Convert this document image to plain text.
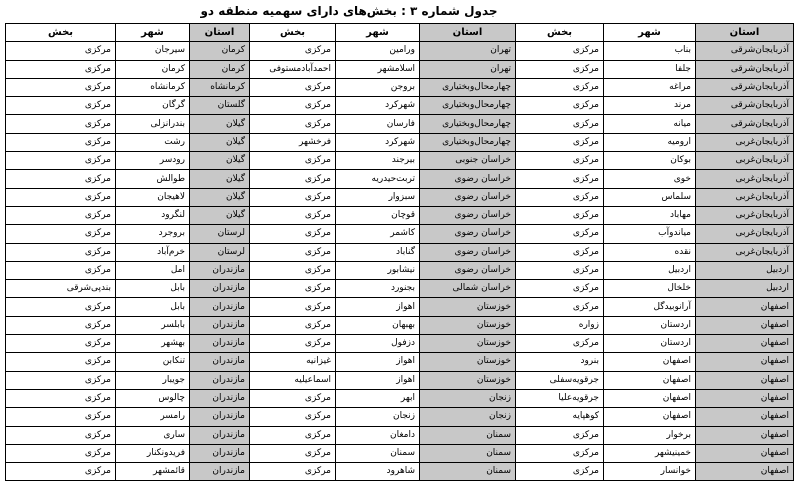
جدول شماره ۳ : بخش‌های دارای سهمیه منطقه دو
استان	شهر	بخش	استان	شهر	بخش	استان	شهر	بخش
آذربایجان‌شرقی	بناب	مرکزی	تهران	ورامین	مرکزی	کرمان	سیرجان	مرکزی
آذربایجان‌شرقی	جلفا	مرکزی	تهران	اسلامشهر	احمدآباد‌مستوفی	کرمان	کرمان	مرکزی
آذربایجان‌شرقی	مراغه	مرکزی	چهارمحال‌وبختیاری	بروجن	مرکزی	کرمانشاه	کرمانشاه	مرکزی
آذربایجان‌شرقی	مرند	مرکزی	چهارمحال‌وبختیاری	شهرکرد	مرکزی	گلستان	گرگان	مرکزی
آذربایجان‌شرقی	میانه	مرکزی	چهارمحال‌وبختیاری	فارسان	مرکزی	گیلان	بندرانزلی	مرکزی
آذربایجان‌غربی	ارومیه	مرکزی	چهارمحال‌وبختیاری	شهرکرد	فرخشهر	گیلان	رشت	مرکزی
آذربایجان‌غربی	بوکان	مرکزی	خراسان جنوبی	بیرجند	مرکزی	گیلان	رودسر	مرکزی
آذربایجان‌غربی	خوی	مرکزی	خراسان رضوی	تربت‌حیدریه	مرکزی	گیلان	طوالش	مرکزی
آذربایجان‌غربی	سلماس	مرکزی	خراسان رضوی	سبزوار	مرکزی	گیلان	لاهیجان	مرکزی
آذربایجان‌غربی	مهاباد	مرکزی	خراسان رضوی	قوچان	مرکزی	گیلان	لنگرود	مرکزی
آذربایجان‌غربی	میاندوآب	مرکزی	خراسان رضوی	کاشمر	مرکزی	لرستان	بروجرد	مرکزی
آذربایجان‌غربی	نقده	مرکزی	خراسان رضوی	گناباد	مرکزی	لرستان	خرم‌آباد	مرکزی
اردبیل	اردبیل	مرکزی	خراسان رضوی	نیشابور	مرکزی	مازندران	امل	مرکزی
اردبیل	خلخال	مرکزی	خراسان شمالی	بجنورد	مرکزی	مازندران	بابل	بندپی‌شرقی
اصفهان	آرانوبیدگل	مرکزی	خوزستان	اهواز	مرکزی	مازندران	بابل	مرکزی
اصفهان	اردستان	زواره	خوزستان	بهبهان	مرکزی	مازندران	بابلسر	مرکزی
اصفهان	اردستان	مرکزی	خوزستان	دزفول	مرکزی	مازندران	بهشهر	مرکزی
اصفهان	اصفهان	بنرود	خوزستان	اهواز	غیزانیه	مازندران	تنکابن	مرکزی
اصفهان	اصفهان	جرقویه‌سفلی	خوزستان	اهواز	اسماعیلیه	مازندران	جویبار	مرکزی
اصفهان	اصفهان	جرقویه‌علیا	زنجان	ابهر	مرکزی	مازندران	چالوس	مرکزی
اصفهان	اصفهان	کوهپایه	زنجان	زنجان	مرکزی	مازندران	رامسر	مرکزی
اصفهان	برخوار	مرکزی	سمنان	دامغان	مرکزی	مازندران	ساری	مرکزی
اصفهان	خمینیشهر	مرکزی	سمنان	سمنان	مرکزی	مازندران	فریدونکنار	مرکزی
اصفهان	خوانسار	مرکزی	سمنان	شاهرود	مرکزی	مازندران	قائمشهر	مرکزی
